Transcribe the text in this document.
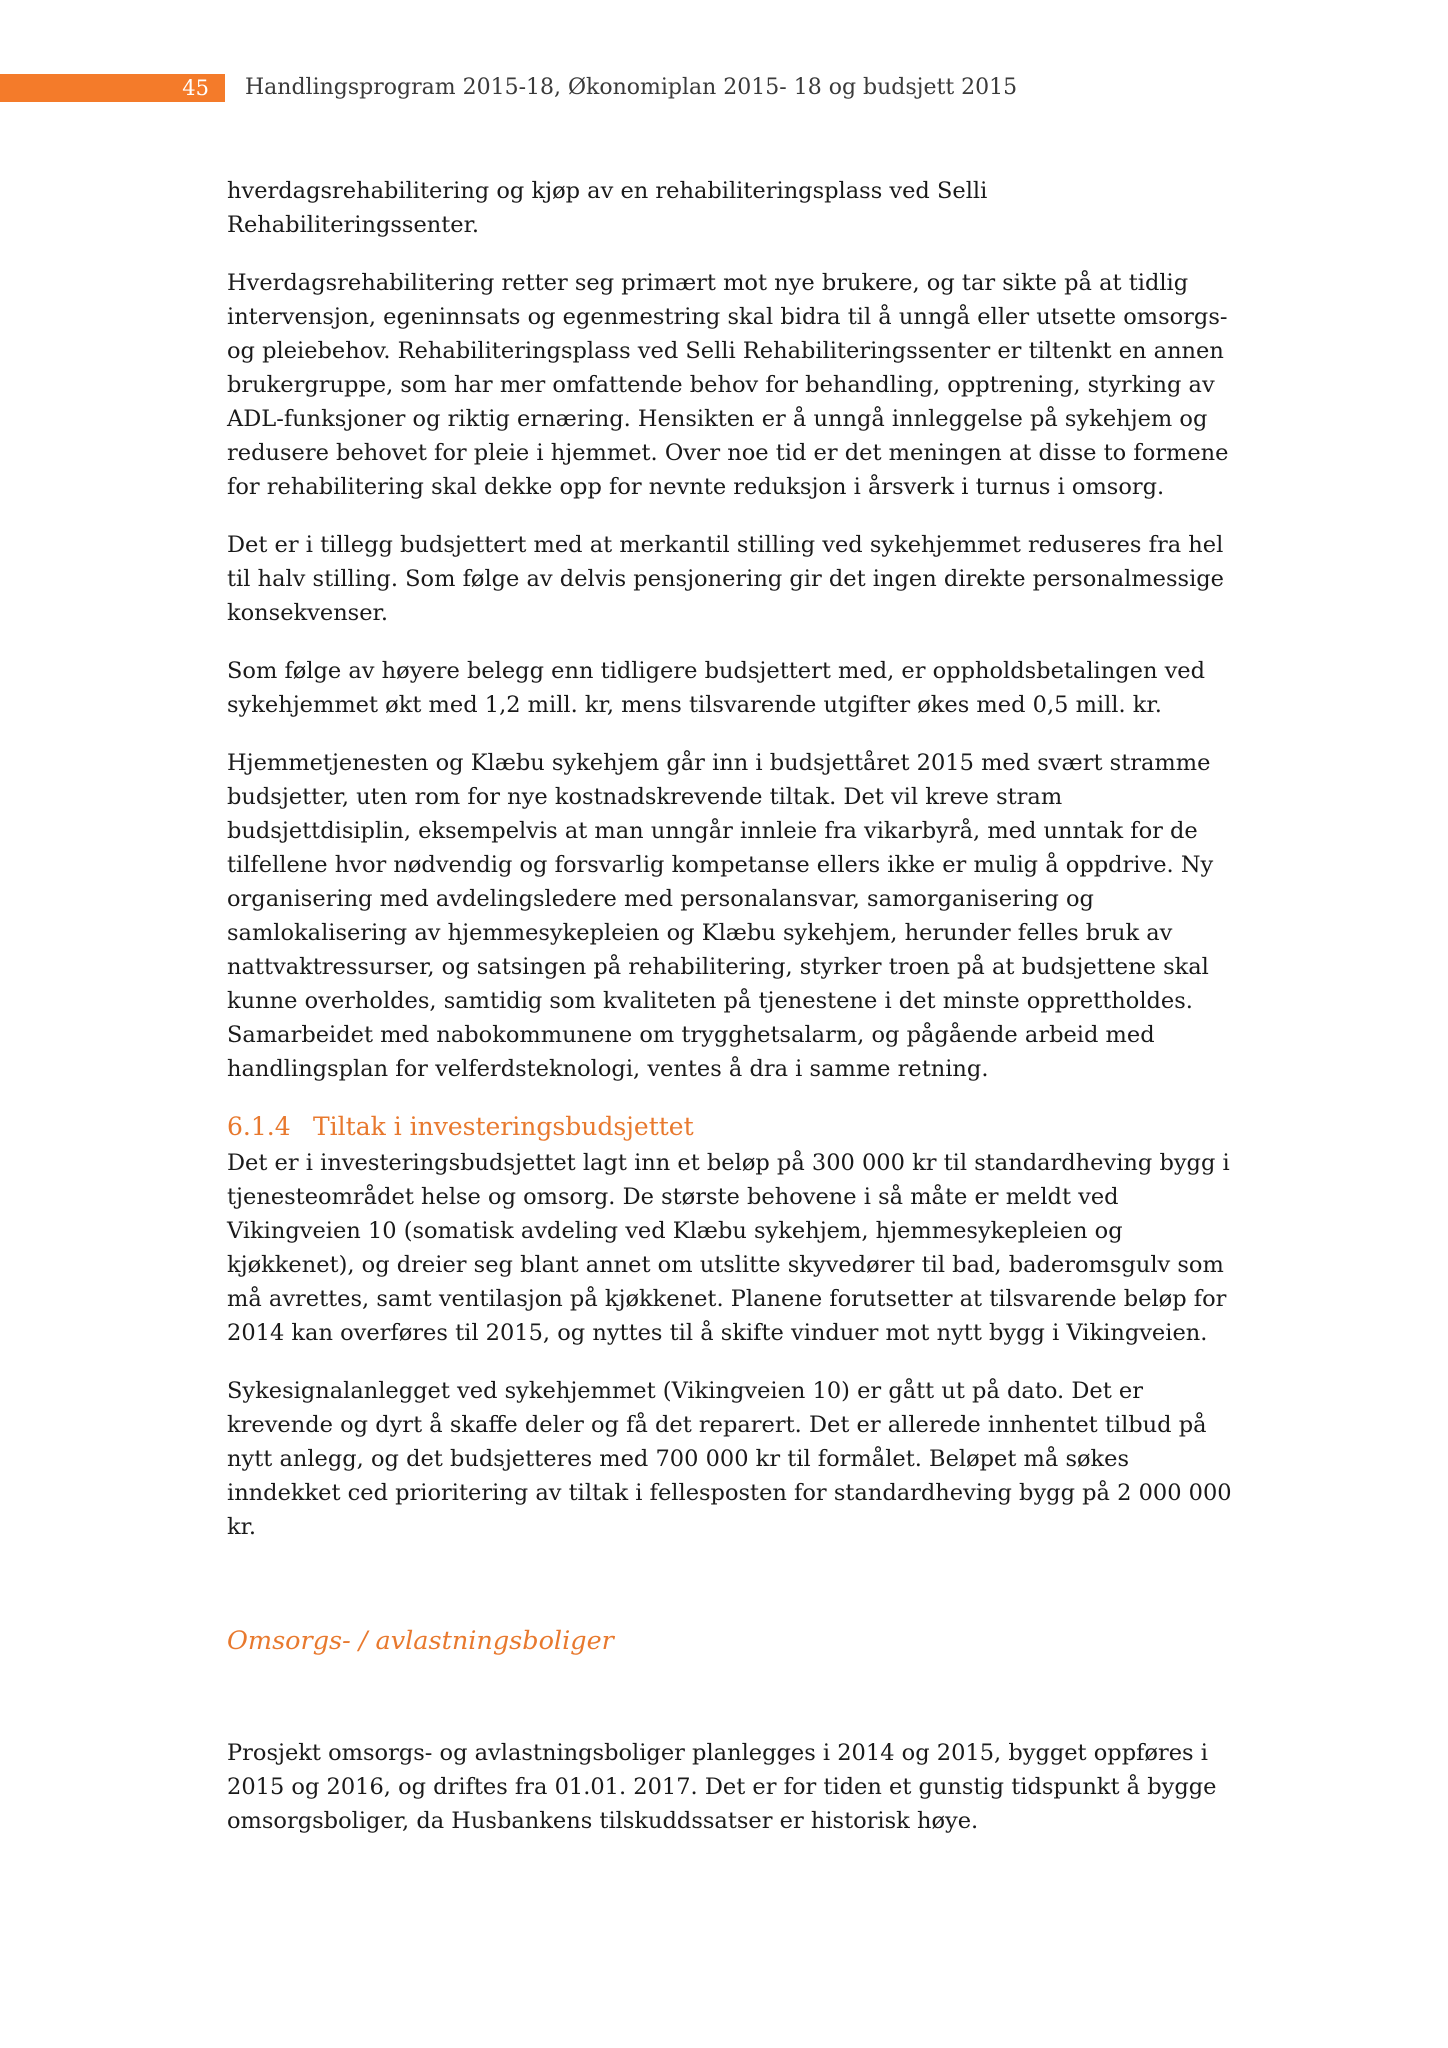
45 Handlingsprogram 2015-18, Økonomiplan 2015- 18 og budsjett 2015

hverdagsrehabilitering og kjøp av en rehabiliteringsplass ved Selli Rehabiliteringssenter.

Hverdagsrehabilitering retter seg primært mot nye brukere, og tar sikte på at tidlig intervensjon, egeninnsats og egenmestring skal bidra til å unngå eller utsette omsorgs- og pleiebehov. Rehabiliteringsplass ved Selli Rehabiliteringssenter er tiltenkt en annen brukergruppe, som har mer omfattende behov for behandling, opptrening, styrking av ADL-funksjoner og riktig ernæring. Hensikten er å unngå innleggelse på sykehjem og redusere behovet for pleie i hjemmet. Over noe tid er det meningen at disse to formene for rehabilitering skal dekke opp for nevnte reduksjon i årsverk i turnus i omsorg.

Det er i tillegg budsjettert med at merkantil stilling ved sykehjemmet reduseres fra hel til halv stilling. Som følge av delvis pensjonering gir det ingen direkte personalmessige konsekvenser.

Som følge av høyere belegg enn tidligere budsjettert med, er oppholdsbetalingen ved sykehjemmet økt med 1,2 mill. kr, mens tilsvarende utgifter økes med 0,5 mill. kr.

Hjemmetjenesten og Klæbu sykehjem går inn i budsjettåret 2015 med svært stramme budsjetter, uten rom for nye kostnadskrevende tiltak. Det vil kreve stram budsjettdisiplin, eksempelvis at man unngår innleie fra vikarbyrå, med unntak for de tilfellene hvor nødvendig og forsvarlig kompetanse ellers ikke er mulig å oppdrive. Ny organisering med avdelingsledere med personalansvar, samorganisering og samlokalisering av hjemmesykepleien og Klæbu sykehjem, herunder felles bruk av nattvaktressurser, og satsingen på rehabilitering, styrker troen på at budsjettene skal kunne overholdes, samtidig som kvaliteten på tjenestene i det minste opprettholdes. Samarbeidet med nabokommunene om trygghetsalarm, og pågående arbeid med handlingsplan for velferdsteknologi, ventes å dra i samme retning.

6.1.4 Tiltak i investeringsbudsjettet

Det er i investeringsbudsjettet lagt inn et beløp på 300 000 kr til standardheving bygg i tjenesteområdet helse og omsorg. De største behovene i så måte er meldt ved Vikingveien 10 (somatisk avdeling ved Klæbu sykehjem, hjemmesykepleien og kjøkkenet), og dreier seg blant annet om utslitte skyvedører til bad, baderomsgulv som må avrettes, samt ventilasjon på kjøkkenet. Planene forutsetter at tilsvarende beløp for 2014 kan overføres til 2015, og nyttes til å skifte vinduer mot nytt bygg i Vikingveien.

Sykesignalanlegget ved sykehjemmet (Vikingveien 10) er gått ut på dato. Det er krevende og dyrt å skaffe deler og få det reparert. Det er allerede innhentet tilbud på nytt anlegg, og det budsjetteres med 700 000 kr til formålet. Beløpet må søkes inndekket ced prioritering av tiltak i fellesposten for standardheving bygg på 2 000 000 kr.

Omsorgs- / avlastningsboliger

Prosjekt omsorgs- og avlastningsboliger planlegges i 2014 og 2015, bygget oppføres i 2015 og 2016, og driftes fra 01.01. 2017. Det er for tiden et gunstig tidspunkt å bygge omsorgsboliger, da Husbankens tilskuddssatser er historisk høye.
